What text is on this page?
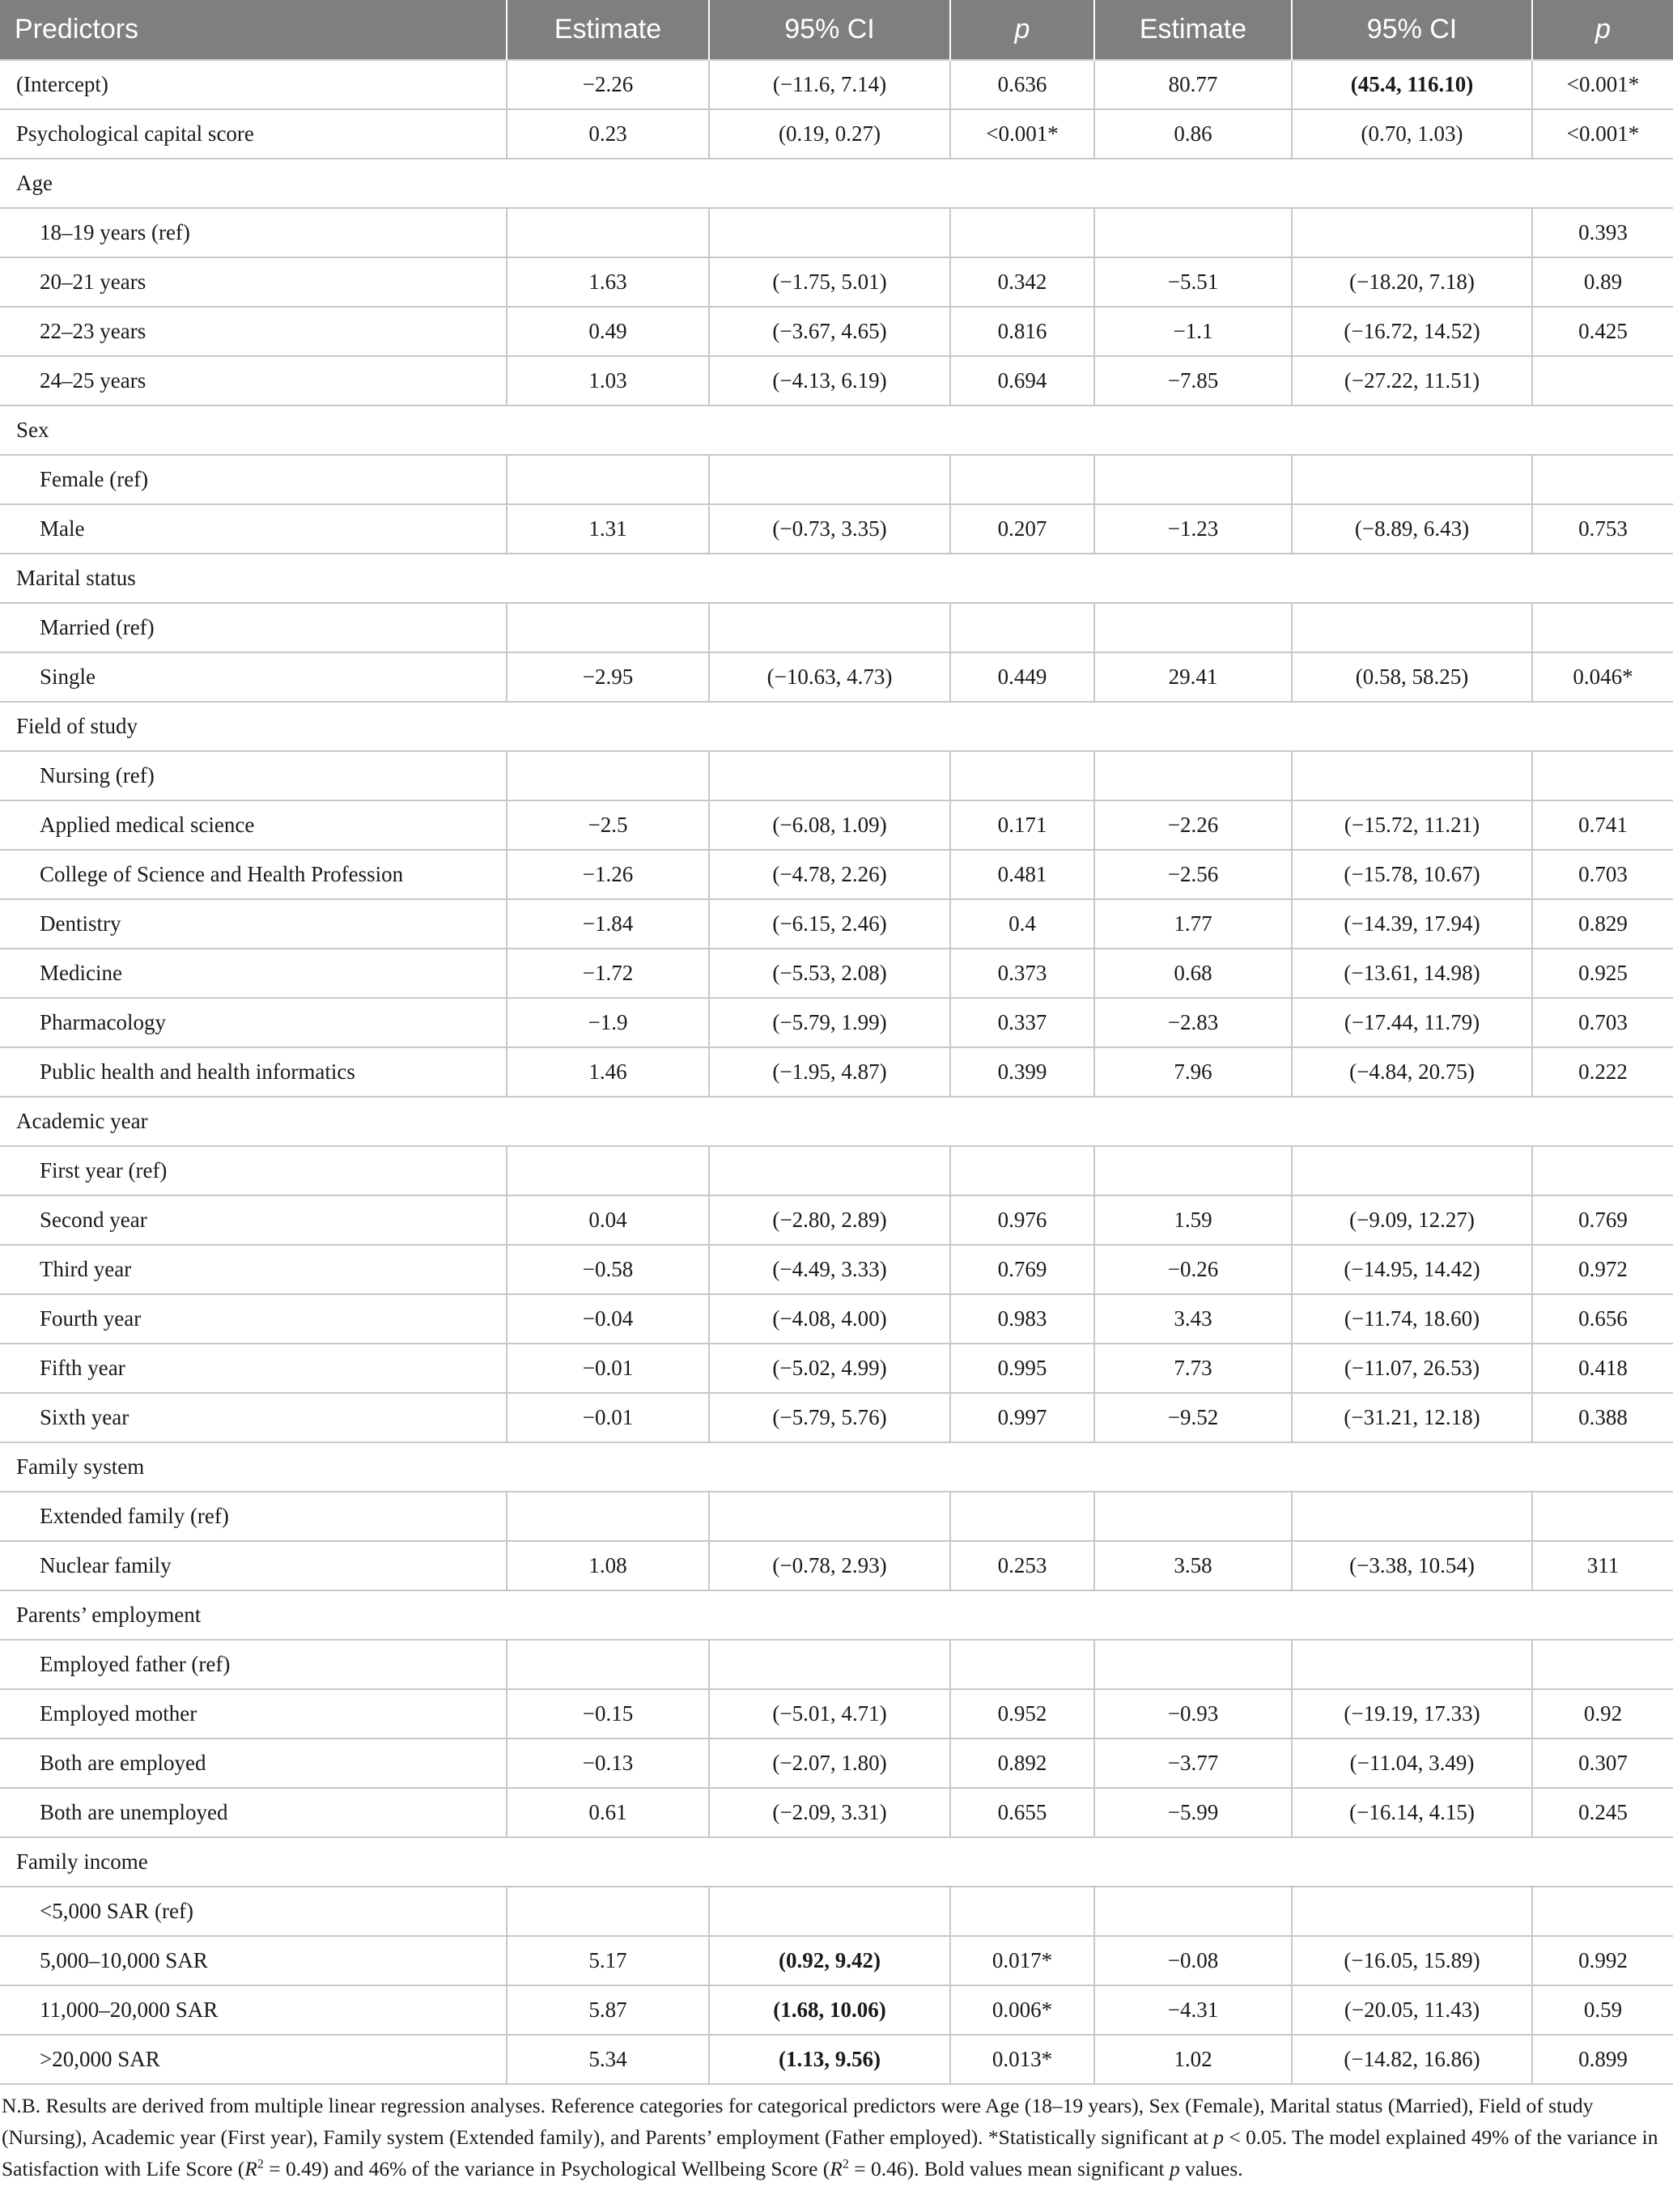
Predictors	Estimate	95% CI	p	Estimate	95% CI	p
(Intercept)	−2.26	(−11.6, 7.14)	0.636	80.77	(45.4, 116.10)	<0.001*
Psychological capital score	0.23	(0.19, 0.27)	<0.001*	0.86	(0.70, 1.03)	<0.001*
Age						
18–19 years (ref)						0.393
20–21 years	1.63	(−1.75, 5.01)	0.342	−5.51	(−18.20, 7.18)	0.89
22–23 years	0.49	(−3.67, 4.65)	0.816	−1.1	(−16.72, 14.52)	0.425
24–25 years	1.03	(−4.13, 6.19)	0.694	−7.85	(−27.22, 11.51)	
Sex						
Female (ref)						
Male	1.31	(−0.73, 3.35)	0.207	−1.23	(−8.89, 6.43)	0.753
Marital status						
Married (ref)						
Single	−2.95	(−10.63, 4.73)	0.449	29.41	(0.58, 58.25)	0.046*
Field of study						
Nursing (ref)						
Applied medical science	−2.5	(−6.08, 1.09)	0.171	−2.26	(−15.72, 11.21)	0.741
College of Science and Health Profession	−1.26	(−4.78, 2.26)	0.481	−2.56	(−15.78, 10.67)	0.703
Dentistry	−1.84	(−6.15, 2.46)	0.4	1.77	(−14.39, 17.94)	0.829
Medicine	−1.72	(−5.53, 2.08)	0.373	0.68	(−13.61, 14.98)	0.925
Pharmacology	−1.9	(−5.79, 1.99)	0.337	−2.83	(−17.44, 11.79)	0.703
Public health and health informatics	1.46	(−1.95, 4.87)	0.399	7.96	(−4.84, 20.75)	0.222
Academic year						
First year (ref)						
Second year	0.04	(−2.80, 2.89)	0.976	1.59	(−9.09, 12.27)	0.769
Third year	−0.58	(−4.49, 3.33)	0.769	−0.26	(−14.95, 14.42)	0.972
Fourth year	−0.04	(−4.08, 4.00)	0.983	3.43	(−11.74, 18.60)	0.656
Fifth year	−0.01	(−5.02, 4.99)	0.995	7.73	(−11.07, 26.53)	0.418
Sixth year	−0.01	(−5.79, 5.76)	0.997	−9.52	(−31.21, 12.18)	0.388
Family system						
Extended family (ref)						
Nuclear family	1.08	(−0.78, 2.93)	0.253	3.58	(−3.38, 10.54)	311
Parents’ employment						
Employed father (ref)						
Employed mother	−0.15	(−5.01, 4.71)	0.952	−0.93	(−19.19, 17.33)	0.92
Both are employed	−0.13	(−2.07, 1.80)	0.892	−3.77	(−11.04, 3.49)	0.307
Both are unemployed	0.61	(−2.09, 3.31)	0.655	−5.99	(−16.14, 4.15)	0.245
Family income						
<5,000 SAR (ref)						
5,000–10,000 SAR	5.17	(0.92, 9.42)	0.017*	−0.08	(−16.05, 15.89)	0.992
11,000–20,000 SAR	5.87	(1.68, 10.06)	0.006*	−4.31	(−20.05, 11.43)	0.59
>20,000 SAR	5.34	(1.13, 9.56)	0.013*	1.02	(−14.82, 16.86)	0.899
N.B. Results are derived from multiple linear regression analyses. Reference categories for categorical predictors were Age (18–19 years), Sex (Female), Marital status (Married), Field of study (Nursing), Academic year (First year), Family system (Extended family), and Parents’ employment (Father employed). *Statistically significant at p < 0.05. The model explained 49% of the variance in Satisfaction with Life Score $(R^2 = 0.49)$ and 46% of the variance in Psychological Wellbeing Score $(R^2 = 0.46)$. Bold values mean significant p values.
